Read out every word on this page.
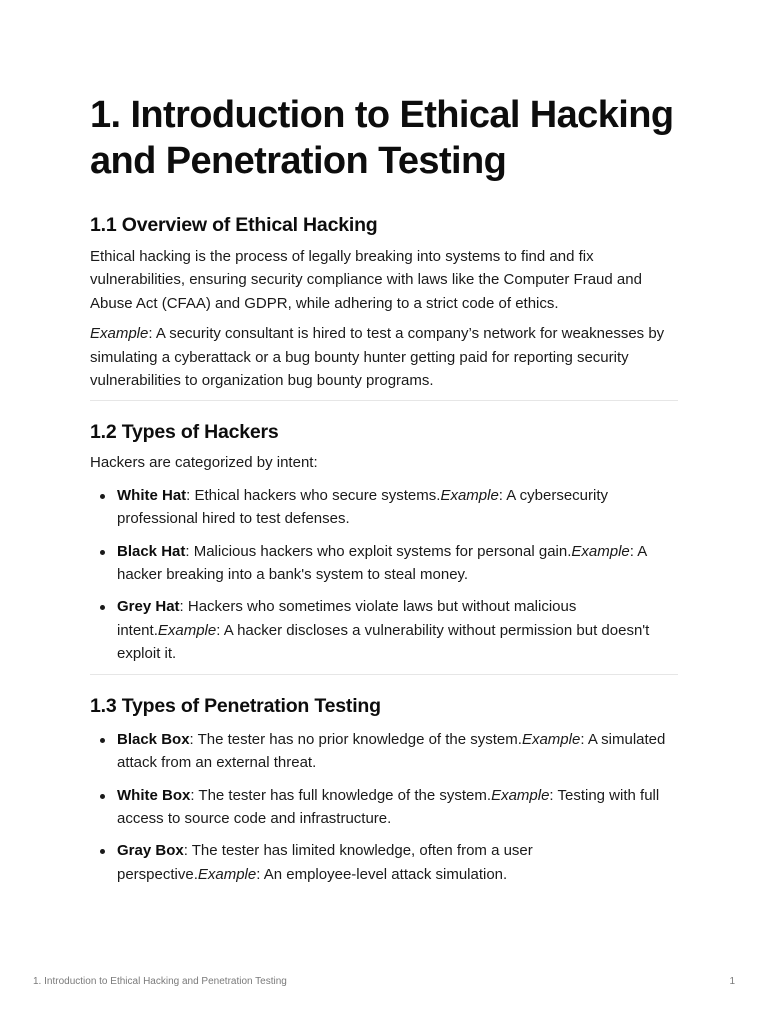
1. Introduction to Ethical Hacking and Penetration Testing
1.1 Overview of Ethical Hacking

Ethical hacking is the process of legally breaking into systems to find and fix vulnerabilities, ensuring security compliance with laws like the Computer Fraud and Abuse Act (CFAA) and GDPR, while adhering to a strict code of ethics.

Example: A security consultant is hired to test a company’s network for weaknesses by simulating a cyberattack or a bug bounty hunter getting paid for reporting security vulnerabilities to organization bug bounty programs.

1.2 Types of Hackers

Hackers are categorized by intent:

White Hat: Ethical hackers who secure systems.Example: A cybersecurity professional hired to test defenses.
Black Hat: Malicious hackers who exploit systems for personal gain.Example: A hacker breaking into a bank's system to steal money.
Grey Hat: Hackers who sometimes violate laws but without malicious intent.Example: A hacker discloses a vulnerability without permission but doesn't exploit it.
1.3 Types of Penetration Testing
Black Box: The tester has no prior knowledge of the system.Example: A simulated attack from an external threat.
White Box: The tester has full knowledge of the system.Example: Testing with full access to source code and infrastructure.
Gray Box: The tester has limited knowledge, often from a user perspective.Example: An employee-level attack simulation.
1. Introduction to Ethical Hacking and Penetration Testing	1
